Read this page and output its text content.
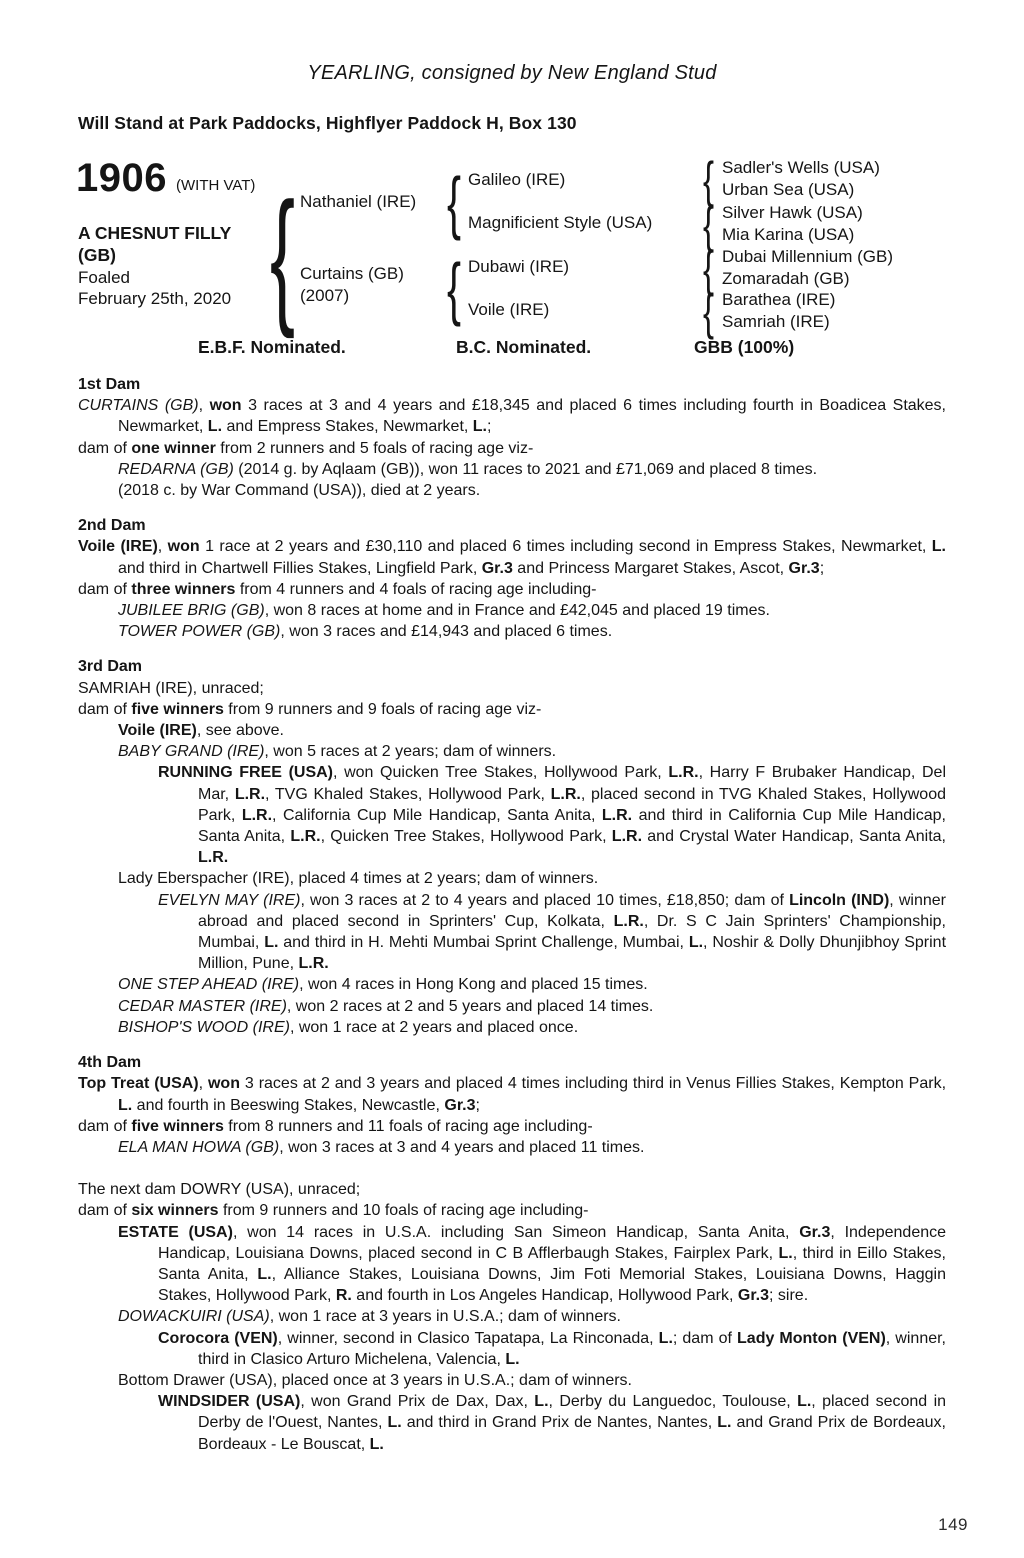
YEARLING, consigned by New England Stud
Will Stand at Park Paddocks, Highflyer Paddock H, Box 130
1906 (WITH VAT)
A CHESNUT FILLY
(GB)
Foaled
February 25th, 2020
{
{
{
{
{
{
{
Nathaniel (IRE)
Curtains (GB)
(2007)
Galileo (IRE)
Magnificient Style (USA)
Dubawi (IRE)
Voile (IRE)
Sadler's Wells (USA)
Urban Sea (USA)
Silver Hawk (USA)
Mia Karina (USA)
Dubai Millennium (GB)
Zomaradah (GB)
Barathea (IRE)
Samriah (IRE)
E.B.F. Nominated.	B.C. Nominated.	GBB (100%)

1st Dam

CURTAINS (GB), won 3 races at 3 and 4 years and £18,345 and placed 6 times including fourth in Boadicea Stakes, Newmarket, L. and Empress Stakes, Newmarket, L.;

dam of one winner from 2 runners and 5 foals of racing age viz-

REDARNA (GB) (2014 g. by Aqlaam (GB)), won 11 races to 2021 and £71,069 and placed 8 times.

(2018 c. by War Command (USA)), died at 2 years.

2nd Dam

Voile (IRE), won 1 race at 2 years and £30,110 and placed 6 times including second in Empress Stakes, Newmarket, L. and third in Chartwell Fillies Stakes, Lingfield Park, Gr.3 and Princess Margaret Stakes, Ascot, Gr.3;

dam of three winners from 4 runners and 4 foals of racing age including-

JUBILEE BRIG (GB), won 8 races at home and in France and £42,045 and placed 19 times.

TOWER POWER (GB), won 3 races and £14,943 and placed 6 times.

3rd Dam

SAMRIAH (IRE), unraced;

dam of five winners from 9 runners and 9 foals of racing age viz-

Voile (IRE), see above.

BABY GRAND (IRE), won 5 races at 2 years; dam of winners.

RUNNING FREE (USA), won Quicken Tree Stakes, Hollywood Park, L.R., Harry F Brubaker Handicap, Del Mar, L.R., TVG Khaled Stakes, Hollywood Park, L.R., placed second in TVG Khaled Stakes, Hollywood Park, L.R., California Cup Mile Handicap, Santa Anita, L.R. and third in California Cup Mile Handicap, Santa Anita, L.R., Quicken Tree Stakes, Hollywood Park, L.R. and Crystal Water Handicap, Santa Anita, L.R.

Lady Eberspacher (IRE), placed 4 times at 2 years; dam of winners.

EVELYN MAY (IRE), won 3 races at 2 to 4 years and placed 10 times, £18,850; dam of Lincoln (IND), winner abroad and placed second in Sprinters' Cup, Kolkata, L.R., Dr. S C Jain Sprinters' Championship, Mumbai, L. and third in H. Mehti Mumbai Sprint Challenge, Mumbai, L., Noshir & Dolly Dhunjibhoy Sprint Million, Pune, L.R.

ONE STEP AHEAD (IRE), won 4 races in Hong Kong and placed 15 times.

CEDAR MASTER (IRE), won 2 races at 2 and 5 years and placed 14 times.

BISHOP'S WOOD (IRE), won 1 race at 2 years and placed once.

4th Dam

Top Treat (USA), won 3 races at 2 and 3 years and placed 4 times including third in Venus Fillies Stakes, Kempton Park, L. and fourth in Beeswing Stakes, Newcastle, Gr.3;

dam of five winners from 8 runners and 11 foals of racing age including-

ELA MAN HOWA (GB), won 3 races at 3 and 4 years and placed 11 times.

The next dam DOWRY (USA), unraced;

dam of six winners from 9 runners and 10 foals of racing age including-

ESTATE (USA), won 14 races in U.S.A. including San Simeon Handicap, Santa Anita, Gr.3, Independence Handicap, Louisiana Downs, placed second in C B Afflerbaugh Stakes, Fairplex Park, L., third in Eillo Stakes, Santa Anita, L., Alliance Stakes, Louisiana Downs, Jim Foti Memorial Stakes, Louisiana Downs, Haggin Stakes, Hollywood Park, R. and fourth in Los Angeles Handicap, Hollywood Park, Gr.3; sire.

DOWACKUIRI (USA), won 1 race at 3 years in U.S.A.; dam of winners.

Corocora (VEN), winner, second in Clasico Tapatapa, La Rinconada, L.; dam of Lady Monton (VEN), winner, third in Clasico Arturo Michelena, Valencia, L.

Bottom Drawer (USA), placed once at 3 years in U.S.A.; dam of winners.

WINDSIDER (USA), won Grand Prix de Dax, Dax, L., Derby du Languedoc, Toulouse, L., placed second in Derby de l'Ouest, Nantes, L. and third in Grand Prix de Nantes, Nantes, L. and Grand Prix de Bordeaux, Bordeaux - Le Bouscat, L.

149
